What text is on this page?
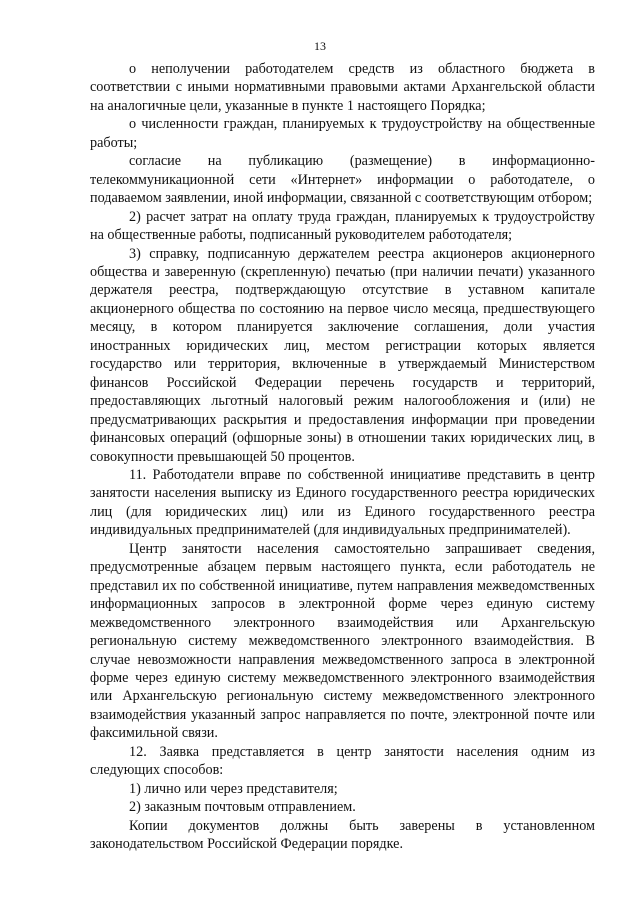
13

о неполучении работодателем средств из областного бюджета в соответствии с иными нормативными правовыми актами Архангельской области на аналогичные цели, указанные в пункте 1 настоящего Порядка;

о численности граждан, планируемых к трудоустройству на общественные работы;

согласие на публикацию (размещение) в информационно-телекоммуникационной сети «Интернет» информации о работодателе, о подаваемом заявлении, иной информации, связанной с соответствующим отбором;

2) расчет затрат на оплату труда граждан, планируемых к трудоустройству на общественные работы, подписанный руководителем работодателя;

3) справку, подписанную держателем реестра акционеров акционерного общества и заверенную (скрепленную) печатью (при наличии печати) указанного держателя реестра, подтверждающую отсутствие в уставном капитале акционерного общества по состоянию на первое число месяца, предшествующего месяцу, в котором планируется заключение соглашения, доли участия иностранных юридических лиц, местом регистрации которых является государство или территория, включенные в утверждаемый Министерством финансов Российской Федерации перечень государств и территорий, предоставляющих льготный налоговый режим налогообложения и (или) не предусматривающих раскрытия и предоставления информации при проведении финансовых операций (офшорные зоны) в отношении таких юридических лиц, в совокупности превышающей 50 процентов.

11. Работодатели вправе по собственной инициативе представить в центр занятости населения выписку из Единого государственного реестра юридических лиц (для юридических лиц) или из Единого государственного реестра индивидуальных предпринимателей (для индивидуальных предпринимателей).

Центр занятости населения самостоятельно запрашивает сведения, предусмотренные абзацем первым настоящего пункта, если работодатель не представил их по собственной инициативе, путем направления межведомственных информационных запросов в электронной форме через единую систему межведомственного электронного взаимодействия или Архангельскую региональную систему межведомственного электронного взаимодействия. В случае невозможности направления межведомственного запроса в электронной форме через единую систему межведомственного электронного взаимодействия или Архангельскую региональную систему межведомственного электронного взаимодействия указанный запрос направляется по почте, электронной почте или факсимильной связи.

12. Заявка представляется в центр занятости населения одним из следующих способов:

1) лично или через представителя;

2) заказным почтовым отправлением.

Копии документов должны быть заверены в установленном законодательством Российской Федерации порядке.
